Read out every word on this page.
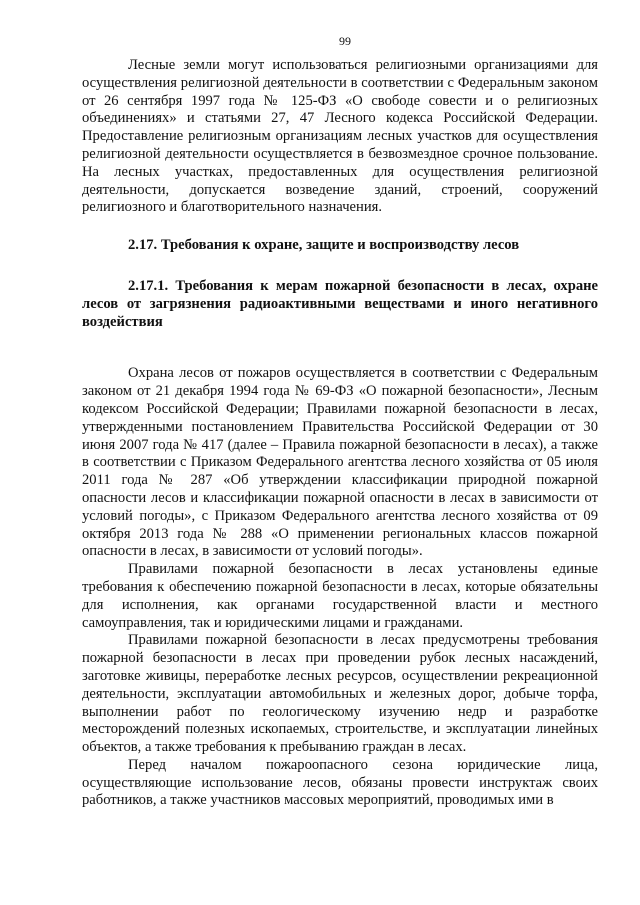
99

Лесные земли могут использоваться религиозными организациями для осуществления религиозной деятельности в соответствии с Федеральным законом от 26 сентября 1997 года № 125-ФЗ «О свободе совести и о религиозных объединениях» и статьями 27, 47 Лесного кодекса Российской Федерации. Предоставление религиозным организациям лесных участков для осуществления религиозной деятельности осуществляется в безвозмездное срочное пользование. На лесных участках, предоставленных для осуществления религиозной деятельности, допускается возведение зданий, строений, сооружений религиозного и благотворительного назначения.

2.17. Требования к охране, защите и воспроизводству лесов

2.17.1. Требования к мерам пожарной безопасности в лесах, охране лесов от загрязнения радиоактивными веществами и иного негативного воздействия

Охрана лесов от пожаров осуществляется в соответствии с Федеральным законом от 21 декабря 1994 года № 69-ФЗ «О пожарной безопасности», Лесным кодексом Российской Федерации; Правилами пожарной безопасности в лесах, утвержденными постановлением Правительства Российской Федерации от 30 июня 2007 года № 417 (далее – Правила пожарной безопасности в лесах), а также в соответствии с Приказом Федерального агентства лесного хозяйства от 05 июля 2011 года № 287 «Об утверждении классификации природной пожарной опасности лесов и классификации пожарной опасности в лесах в зависимости от условий погоды», с Приказом Федерального агентства лесного хозяйства от 09 октября 2013 года № 288 «О применении региональных классов пожарной опасности в лесах, в зависимости от условий погоды».

Правилами пожарной безопасности в лесах установлены единые требования к обеспечению пожарной безопасности в лесах, которые обязательны для исполнения, как органами государственной власти и местного самоуправления, так и юридическими лицами и гражданами.

Правилами пожарной безопасности в лесах предусмотрены требования пожарной безопасности в лесах при проведении рубок лесных насаждений, заготовке живицы, переработке лесных ресурсов, осуществлении рекреационной деятельности, эксплуатации автомобильных и железных дорог, добыче торфа, выполнении работ по геологическому изучению недр и разработке месторождений полезных ископаемых, строительстве, и эксплуатации линейных объектов, а также требования к пребыванию граждан в лесах.

Перед началом пожароопасного сезона юридические лица, осуществляющие использование лесов, обязаны провести инструктаж своих работников, а также участников массовых мероприятий, проводимых ими в
